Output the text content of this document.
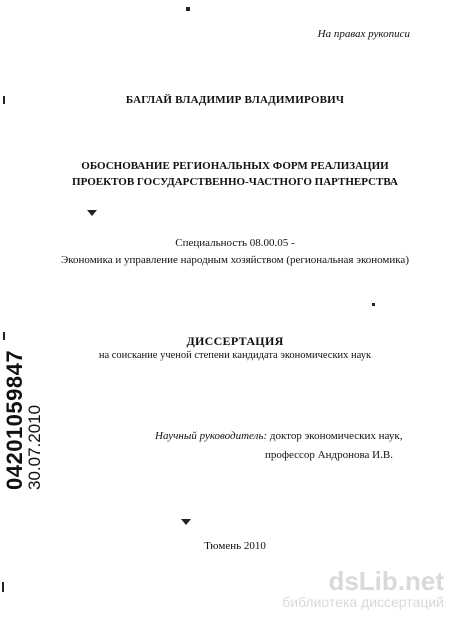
На правах рукописи
БАГЛАЙ ВЛАДИМИР ВЛАДИМИРОВИЧ
ОБОСНОВАНИЕ РЕГИОНАЛЬНЫХ ФОРМ РЕАЛИЗАЦИИ
ПРОЕКТОВ ГОСУДАРСТВЕННО-ЧАСТНОГО ПАРТНЕРСТВА
Специальность 08.00.05 -
Экономика и управление народным хозяйством (региональная экономика)
ДИССЕРТАЦИЯ
на соискание ученой степени кандидата экономических наук
Научный руководитель: доктор экономических наук,
профессор Андронова И.В.
Тюмень 2010
04201059847
30.07.2010
dsLib.net
библиотека диссертаций
